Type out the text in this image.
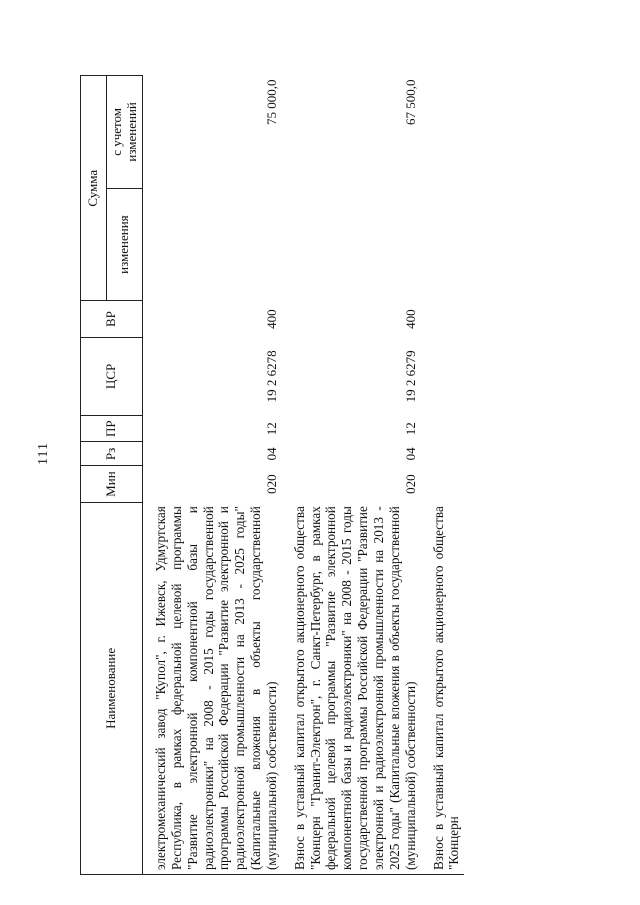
111
Наименование	Мин	Рз	ПР	ЦСР	ВР	Сумма	
						изменения	с учетом изменений

электромеханический завод "Купол", г. Ижевск, Удмуртская Республика, в рамках федеральной целевой программы "Развитие электронной компонентной базы и радиоэлектроники" на 2008 - 2015 годы государственной программы Российской Федерации "Развитие электронной и радиоэлектронной промышленности на 2013 - 2025 годы" (Капитальные вложения в объекты государственной (муниципальной) собственности)	020	04	12	19 2 6278	400		75 000,0

Взнос в уставный капитал открытого акционерного общества "Концерн "Гранит-Электрон", г. Санкт-Петербург, в рамках федеральной целевой программы "Развитие электронной компонентной базы и радиоэлектроники" на 2008 - 2015 годы государственной программы Российской Федерации "Развитие электронной и радиоэлектронной промышленности на 2013 - 2025 годы" (Капитальные вложения в объекты государственной (муниципальной) собственности)	020	04	12	19 2 6279	400		67 500,0

Взнос в уставный капитал открытого акционерного общества "Концерн							
